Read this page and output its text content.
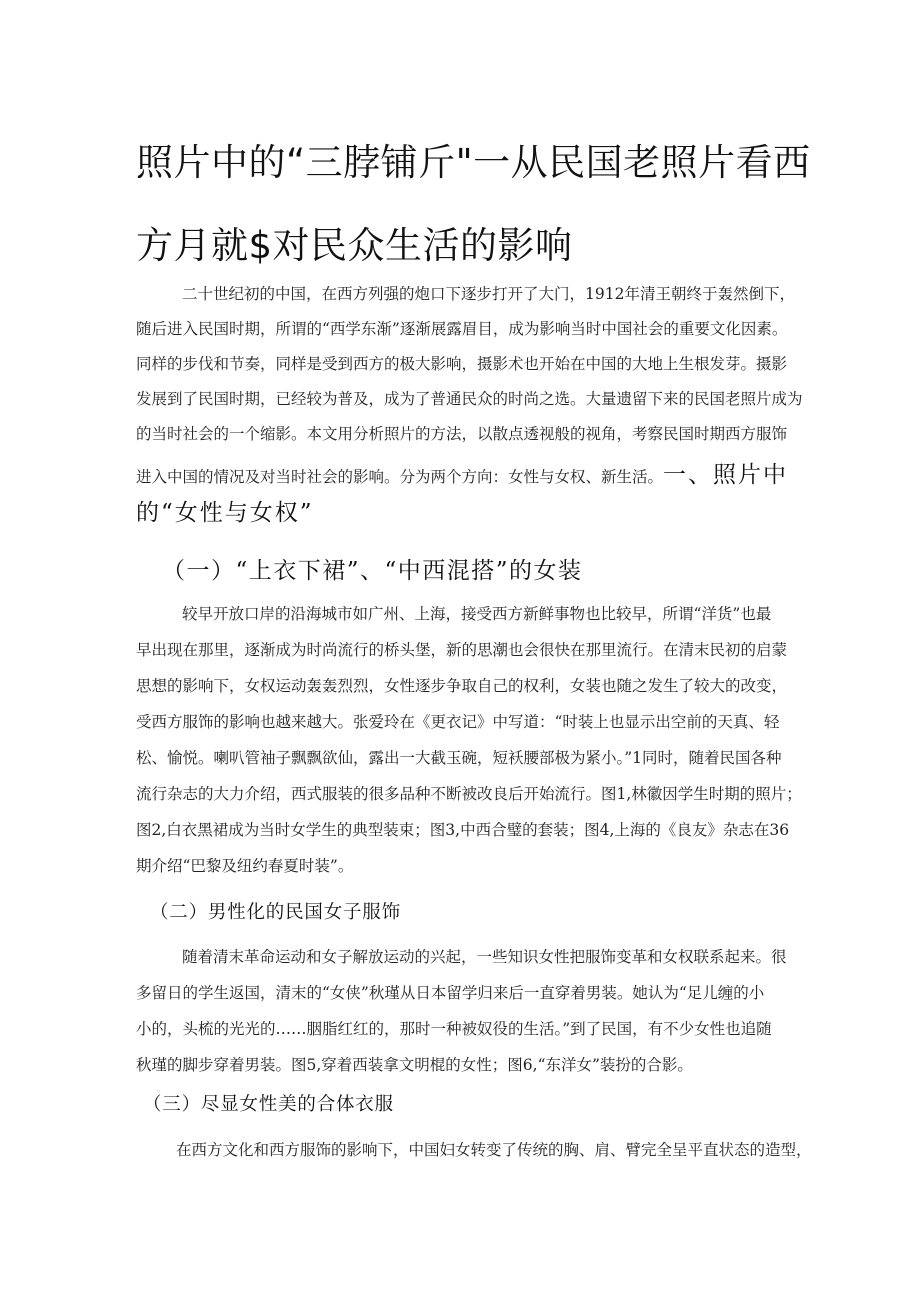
照片中的“三脖铺斤"一从民国老照片看西
方月就$对民众生活的影响

二十世纪初的中国，在西方列强的炮口下逐步打开了大门，1912年清王朝终于轰然倒下，

随后进入民国时期，所谓的“西学东渐”逐渐展露眉目，成为影响当时中国社会的重要文化因素。

同样的步伐和节奏，同样是受到西方的极大影响，摄影术也开始在中国的大地上生根发芽。摄影

发展到了民国时期，已经较为普及，成为了普通民众的时尚之选。大量遗留下来的民国老照片成为

的当时社会的一个缩影。本文用分析照片的方法，以散点透视般的视角，考察民国时期西方服饰

进入中国的情况及对当时社会的影响。分为两个方向：女性与女权、新生活。一、照片中

的“女性与女权”

（一）“上衣下裙”、“中西混搭”的女装

较早开放口岸的沿海城市如广州、上海，接受西方新鲜事物也比较早，所谓“洋货”也最

早出现在那里，逐渐成为时尚流行的桥头堡，新的思潮也会很快在那里流行。在清末民初的启蒙

思想的影响下，女权运动轰轰烈烈，女性逐步争取自己的权利，女装也随之发生了较大的改变，

受西方服饰的影响也越来越大。张爱玲在《更衣记》中写道：“时装上也显示出空前的天真、轻

松、愉悦。喇叭管袖子飘飘欲仙，露出一大截玉碗，短袄腰部极为紧小。”1同时，随着民国各种

流行杂志的大力介绍，西式服装的很多品种不断被改良后开始流行。图1,林徽因学生时期的照片；

图2,白衣黑裙成为当时女学生的典型装束；图3,中西合璧的套装；图4,上海的《良友》杂志在36

期介绍“巴黎及纽约春夏时装”。

（二）男性化的民国女子服饰

随着清末革命运动和女子解放运动的兴起，一些知识女性把服饰变革和女权联系起来。很

多留日的学生返国，清末的“女侠”秋瑾从日本留学归来后一直穿着男装。她认为“足儿缠的小

小的，头梳的光光的……胭脂红红的，那时一种被奴役的生活。”到了民国，有不少女性也追随

秋瑾的脚步穿着男装。图5,穿着西装拿文明棍的女性；图6,“东洋女”装扮的合影。

（三）尽显女性美的合体衣服

在西方文化和西方服饰的影响下，中国妇女转变了传统的胸、肩、臂完全呈平直状态的造型，
